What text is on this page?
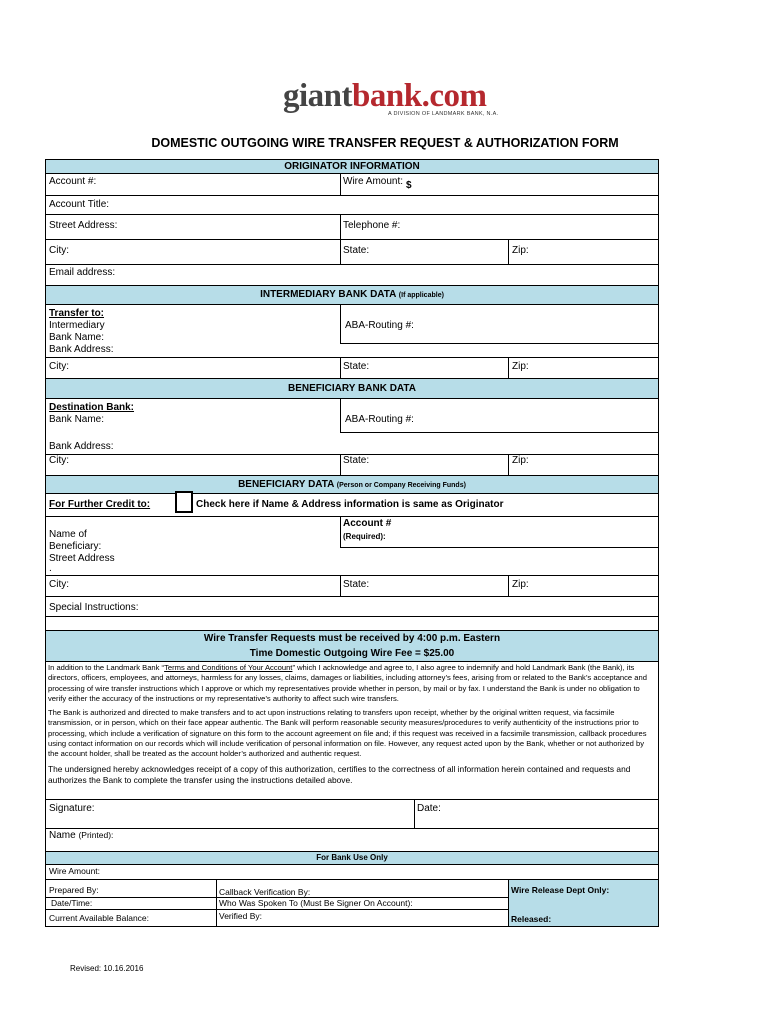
giantbank.com
A DIVISION OF LANDMARK BANK, N.A.
DOMESTIC OUTGOING WIRE TRANSFER REQUEST & AUTHORIZATION FORM
ORIGINATOR INFORMATION
Account #:	Wire Amount: $
Account Title:
Street Address:	Telephone #:
City:	State:	Zip:
Email address:
INTERMEDIARY BANK DATA (If applicable)
Transfer to:
Intermediary
Bank Name:
Bank Address:
ABA-Routing #:
City:	State:	Zip:
BENEFICIARY BANK DATA
Destination Bank:
Bank Name:
Bank Address:
ABA-Routing #:
City:	State:	Zip:
BENEFICIARY DATA (Person or Company Receiving Funds)
For Further Credit to:	Check here if Name & Address information is same as Originator
Name of
Beneficiary:
Street Address
.
Account #
(Required):
City:	State:	Zip:
Special Instructions:
Wire Transfer Requests must be received by 4:00 p.m. Eastern
Time Domestic Outgoing Wire Fee = $25.00

In addition to the Landmark Bank “Terms and Conditions of Your Account” which I acknowledge and agree to, I also agree to indemnify and hold Landmark Bank (the Bank), its directors, officers, employees, and attorneys, harmless for any losses, claims, damages or liabilities, including attorney’s fees, arising from or related to the Bank’s acceptance and processing of wire transfer instructions which I approve or which my representatives provide whether in person, by mail or by fax. I understand the Bank is under no obligation to verify either the accuracy of the instructions or my representative’s authority to affect such wire transfers.

The Bank is authorized and directed to make transfers and to act upon instructions relating to transfers upon receipt, whether by the original written request, via facsimile transmission, or in person, which on their face appear authentic. The Bank will perform reasonable security measures/procedures to verify authenticity of the instructions prior to processing, which include a verification of signature on this form to the account agreement on file and; if this request was received in a facsimile transmission, callback procedures using contact information on our records which will include verification of personal information on file. However, any request acted upon by the Bank, whether or not authorized by the account holder, shall be treated as the account holder’s authorized and authentic request.

The undersigned hereby acknowledges receipt of a copy of this authorization, certifies to the correctness of all information herein contained and requests and authorizes the Bank to complete the transfer using the instructions detailed above.

Signature:	Date:
Name (Printed):
For Bank Use Only
Wire Amount:
Prepared By:	Callback Verification By:	Wire Release Dept Only:
Date/Time:	Who Was Spoken To (Must Be Signer On Account):
Current Available Balance:	Verified By:	Released:
Revised: 10.16.2016
